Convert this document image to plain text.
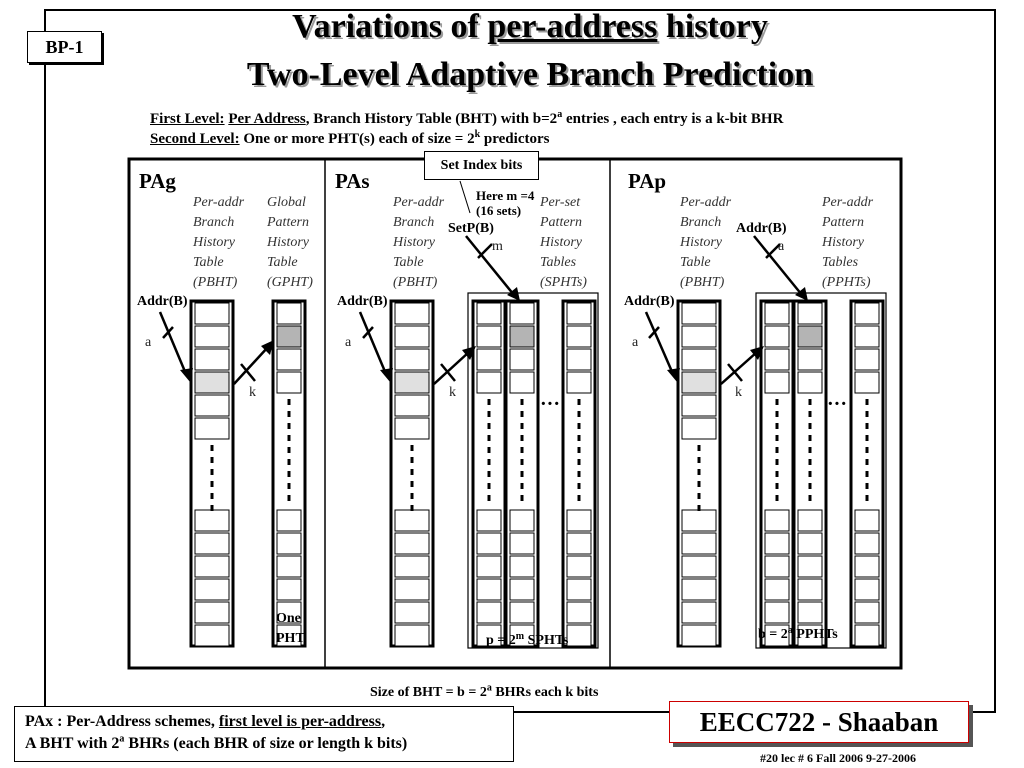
BP-1
Variations of per-address history
Two-Level Adaptive Branch Prediction
First Level: Per Address, Branch History Table (BHT) with $b=2^a$ entries , each entry is a k-bit BHR
Second Level: One or more PHT(s) each of size = $2^k$ predictors
PAg	PAs	PAp
Per-addr
Branch
History
Table
(PBHT)
Global
Pattern
History
Table
(GPHT)
Per-addr
Branch
History
Table
(PBHT)
Per-set
Pattern
History
Tables
(SPHTs)
Per-addr
Branch
History
Table
(PBHT)
Per-addr
Pattern
History
Tables
(PPHTs)
Addr(B)	Addr(B)	Addr(B)
SetP(B)	Addr(B)
Here m =4
(16 sets)
a	a	a
k	k	k
m	a
···	···
One
PHT	$p = 2^m$ SPHTs	$b = 2^a$ PPHTs
Set Index bits
Size of BHT = $b = 2^a$ BHRs each k bits
PAx : Per-Address schemes, first level is per-address,
A BHT with 2$^a$ BHRs (each BHR of size or length k bits)
EECC722 - Shaaban
#20 lec # 6 Fall 2006 9-27-2006
